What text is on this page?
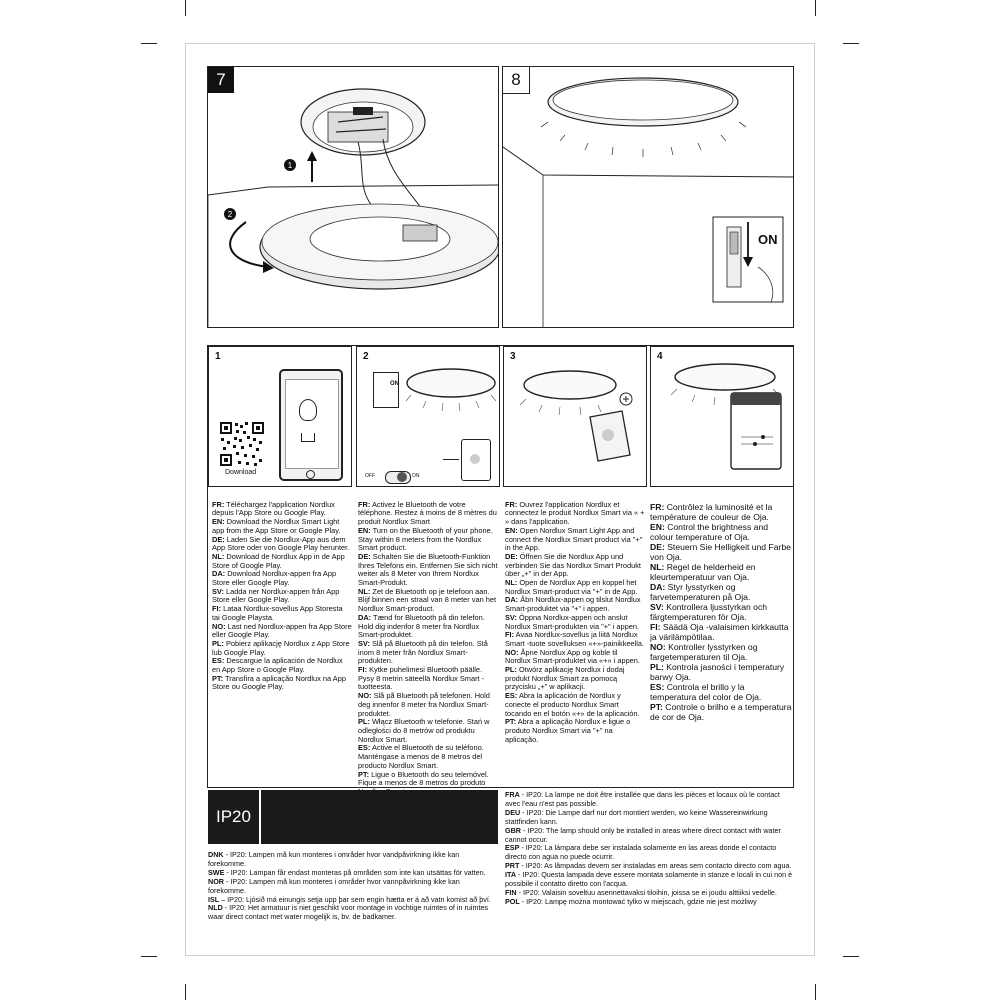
7
1
2
8
ON
1
Download
2
ON
OFF	ON
3	4

FR: Téléchargez l'application Nordlux depuis l'App Store ou Google Play.

EN: Download the Nordlux Smart Light app from the App Store or Google Play.

DE: Laden Sie die Nordlux-App aus dem App Store oder von Google Play herunter.

NL: Download de Nordlux App in de App Store of Google Play.

DA: Download Nordlux-appen fra App Store eller Google Play.

SV: Ladda ner Nordlux-appen från App Store eller Google Play.

FI: Lataa Nordlux-sovellus App Storesta tai Google Playsta.

NO: Last ned Nordlux-appen fra App Store eller Google Play.

PL: Pobierz aplikację Nordlux z App Store lub Google Play.

ES: Descargue la aplicación de Nordlux en App Store o Google Play.

PT: Transfira a aplicação Nordlux na App Store ou Google Play.

FR: Activez le Bluetooth de votre téléphone. Restez à moins de 8 mètres du produit Nordlux Smart

EN: Turn on the Bluetooth of your phone. Stay within 8 meters from the Nordlux Smart product.

DE: Schalten Sie die Bluetooth-Funktion Ihres Telefons ein. Entfernen Sie sich nicht weiter als 8 Meter von Ihrem Nordlux Smart-Produkt.

NL: Zet de Bluetooth op je telefoon aan. Blijf binnen een straal van 8 meter van het Nordlux Smart-product.

DA: Tænd for Bluetooth på din telefon. Hold dig indenfor 8 meter fra Nordlux Smart-produktet.

SV: Slå på Bluetooth på din telefon. Stå inom 8 meter från Nordlux Smart-produkten.

FI: Kytke puhelimesi Bluetooth päälle. Pysy 8 metrin säteellä Nordlux Smart -tuotteesta.

NO: Slå på Bluetooth på telefonen. Hold deg innenfor 8 meter fra Nordlux Smart-produktet.

PL: Włącz Bluetooth w telefonie. Stań w odległości do 8 metrów od produktu Nordlux Smart.

ES: Active el Bluetooth de su teléfono. Manténgase a menos de 8 metros del producto Nordlux Smart.

PT: Ligue o Bluetooth do seu telemóvel. Fique a menos de 8 metros do produto

FR: Ouvrez l'application Nordlux et connectez le produit Nordlux Smart via « + » dans l'application.

EN: Open Nordlux Smart Light App and connect the Nordlux Smart product via "+" in the App.

DE: Öffnen Sie die Nordlux App und verbinden Sie das Nordlux Smart Produkt über „+" in der App.

NL: Open de Nordlux App en koppel het Nordlux Smart-product via "+" in de App.

DA: Åbn Nordlux-appen og tilslut Nordlux Smart-produktet via "+" i appen.

SV: Öppna Nordlux-appen och anslut Nordlux Smart-produkten via "+" i appen.

FI: Avaa Nordlux-sovellus ja liitä Nordlux Smart -tuote sovelluksen «+»-painikkeella.

NO: Åpne Nordlux App og koble til Nordlux Smart-produktet via «+» i appen.

PL: Otwórz aplikację Nordlux i dodaj produkt Nordlux Smart za pomocą przycisku „+" w aplikacji.

ES: Abra la aplicación de Nordlux y conecte el producto Nordlux Smart tocando en el botón «+» de la aplicación.

PT: Abra a aplicação Nordlux e ligue o produto Nordlux Smart via "+" na aplicação.

FR: Contrôlez la luminosité et la température de couleur de Oja.

EN: Control the brightness and colour temperature of Oja.

DE: Steuern Sie Helligkeit und Farbe von Oja.

NL: Regel de helderheid en kleurtemperatuur van Oja.

DA: Styr lysstyrken og farvetemperaturen på Oja.

SV: Kontrollera ljusstyrkan och färgtemperaturen för Oja.

FI: Säädä Oja -valaisimen kirkkautta ja värilämpötilaa.

NO: Kontroller lysstyrken og fargetemperaturen til Oja.

PL: Kontrola jasności i temperatury barwy Oja.

ES: Controla el brillo y la temperatura del color de Oja.

PT: Controle o brilho e a temperatura de cor de Oja.

IP20

DNK - IP20: Lampen må kun monteres i områder hvor vandpåvirkning ikke kan forekomme.

SWE - IP20: Lampan får endast monteras på områden som inte kan utsättas för vatten.

NOR - IP20: Lampen må kun monteres i områder hvor vannpåvirkning ikke kan forekomme.

ISL – IP20: Ljósið má einungis setja upp þar sem engin hætta er á að vatn komist að því.

NLD - IP20: Het armatuur is niet geschikt voor montage in vochtige ruimtes of in ruimtes waar direct contact met water mogelijk is, bv. de badkamer.

FRA - IP20: La lampe ne doit être installée que dans les pièces et locaux où le contact avec l'eau n'est pas possible.

DEU - IP20: Die Lampe darf nur dort montiert werden, wo keine Wassereinwirkung stattfinden kann.

GBR - IP20: The lamp should only be installed in areas where direct contact with water cannot occur.

ESP - IP20: La lámpara debe ser instalada solamente en las areas donde el contacto directo con agua no puede ocurrir.

PRT - IP20: As lâmpadas devem ser instaladas em areas sem contacto directo com agua.

ITA - IP20: Questa lampada deve essere montata solamente in stanze e locali in cui non è possibile il contatto diretto con l'acqua.

FIN - IP20: Valaisin soveltuu asennettavaksi tiloihin, joissa se ei joudu alttiiksi vedelle.

POL - IP20: Lampę można montować tylko w miejscach, gdzie nie jest możliwy
